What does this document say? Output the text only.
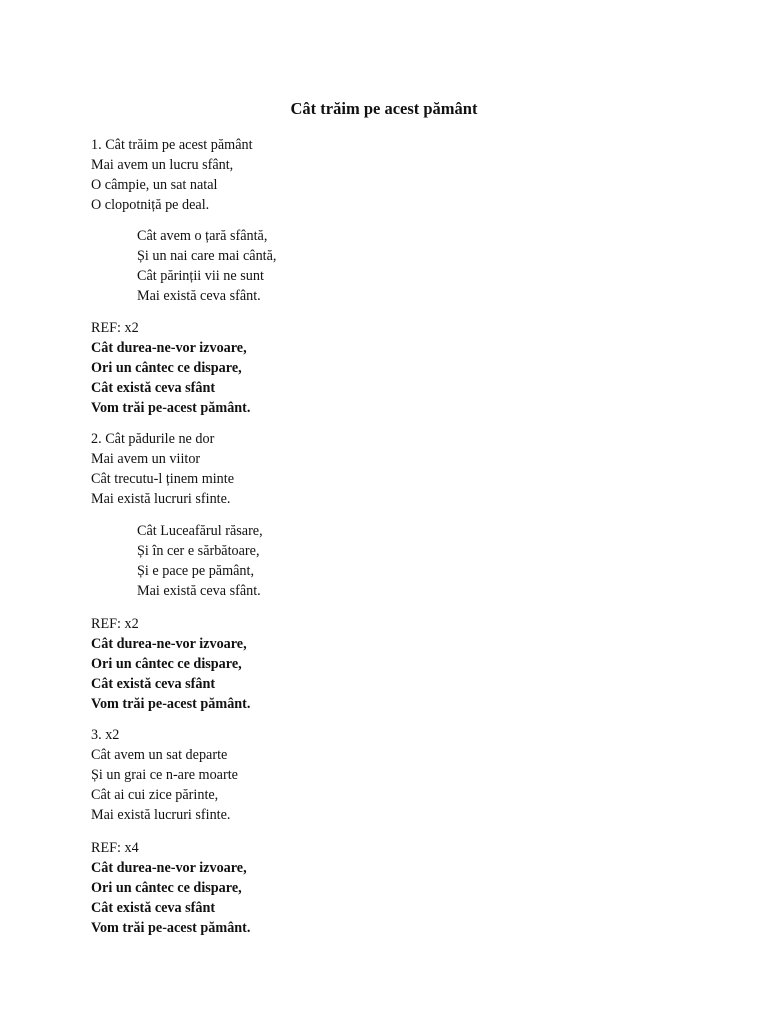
Cât trăim pe acest pământ
1. Cât trăim pe acest pământ
Mai avem un lucru sfânt,
O câmpie, un sat natal
O clopotniță pe deal.
Cât avem o țară sfântă,
Și un nai care mai cântă,
Cât părinții vii ne sunt
Mai există ceva sfânt.
REF: x2
Cât durea-ne-vor izvoare,
Ori un cântec ce dispare,
Cât există ceva sfânt
Vom trăi pe-acest pământ.
2. Cât pădurile ne dor
Mai avem un viitor
Cât trecutu-l ținem minte
Mai există lucruri sfinte.
Cât Luceafărul răsare,
Și în cer e sărbătoare,
Și e pace pe pământ,
Mai există ceva sfânt.
REF: x2
Cât durea-ne-vor izvoare,
Ori un cântec ce dispare,
Cât există ceva sfânt
Vom trăi pe-acest pământ.
3. x2
Cât avem un sat departe
Și un grai ce n-are moarte
Cât ai cui zice părinte,
Mai există lucruri sfinte.
REF: x4
Cât durea-ne-vor izvoare,
Ori un cântec ce dispare,
Cât există ceva sfânt
Vom trăi pe-acest pământ.
